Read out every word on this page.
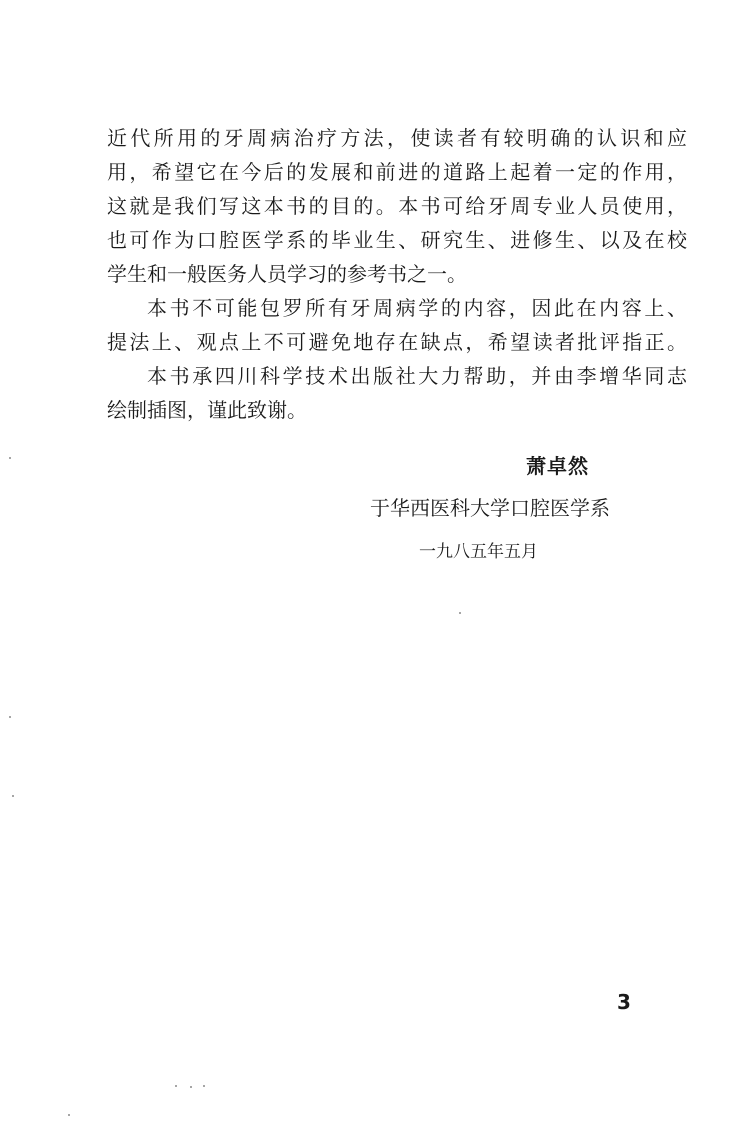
近代所用的牙周病治疗方法，使读者有较明确的认识和应
用，希望它在今后的发展和前进的道路上起着一定的作用，
这就是我们写这本书的目的。本书可给牙周专业人员使用，
也可作为口腔医学系的毕业生、研究生、进修生、以及在校
学生和一般医务人员学习的参考书之一。
本书不可能包罗所有牙周病学的内容，因此在内容上、
提法上、观点上不可避免地存在缺点，希望读者批评指正。
本书承四川科学技术出版社大力帮助，并由李增华同志
绘制插图，谨此致谢。
萧卓然
于华西医科大学口腔医学系
一九八五年五月
3
